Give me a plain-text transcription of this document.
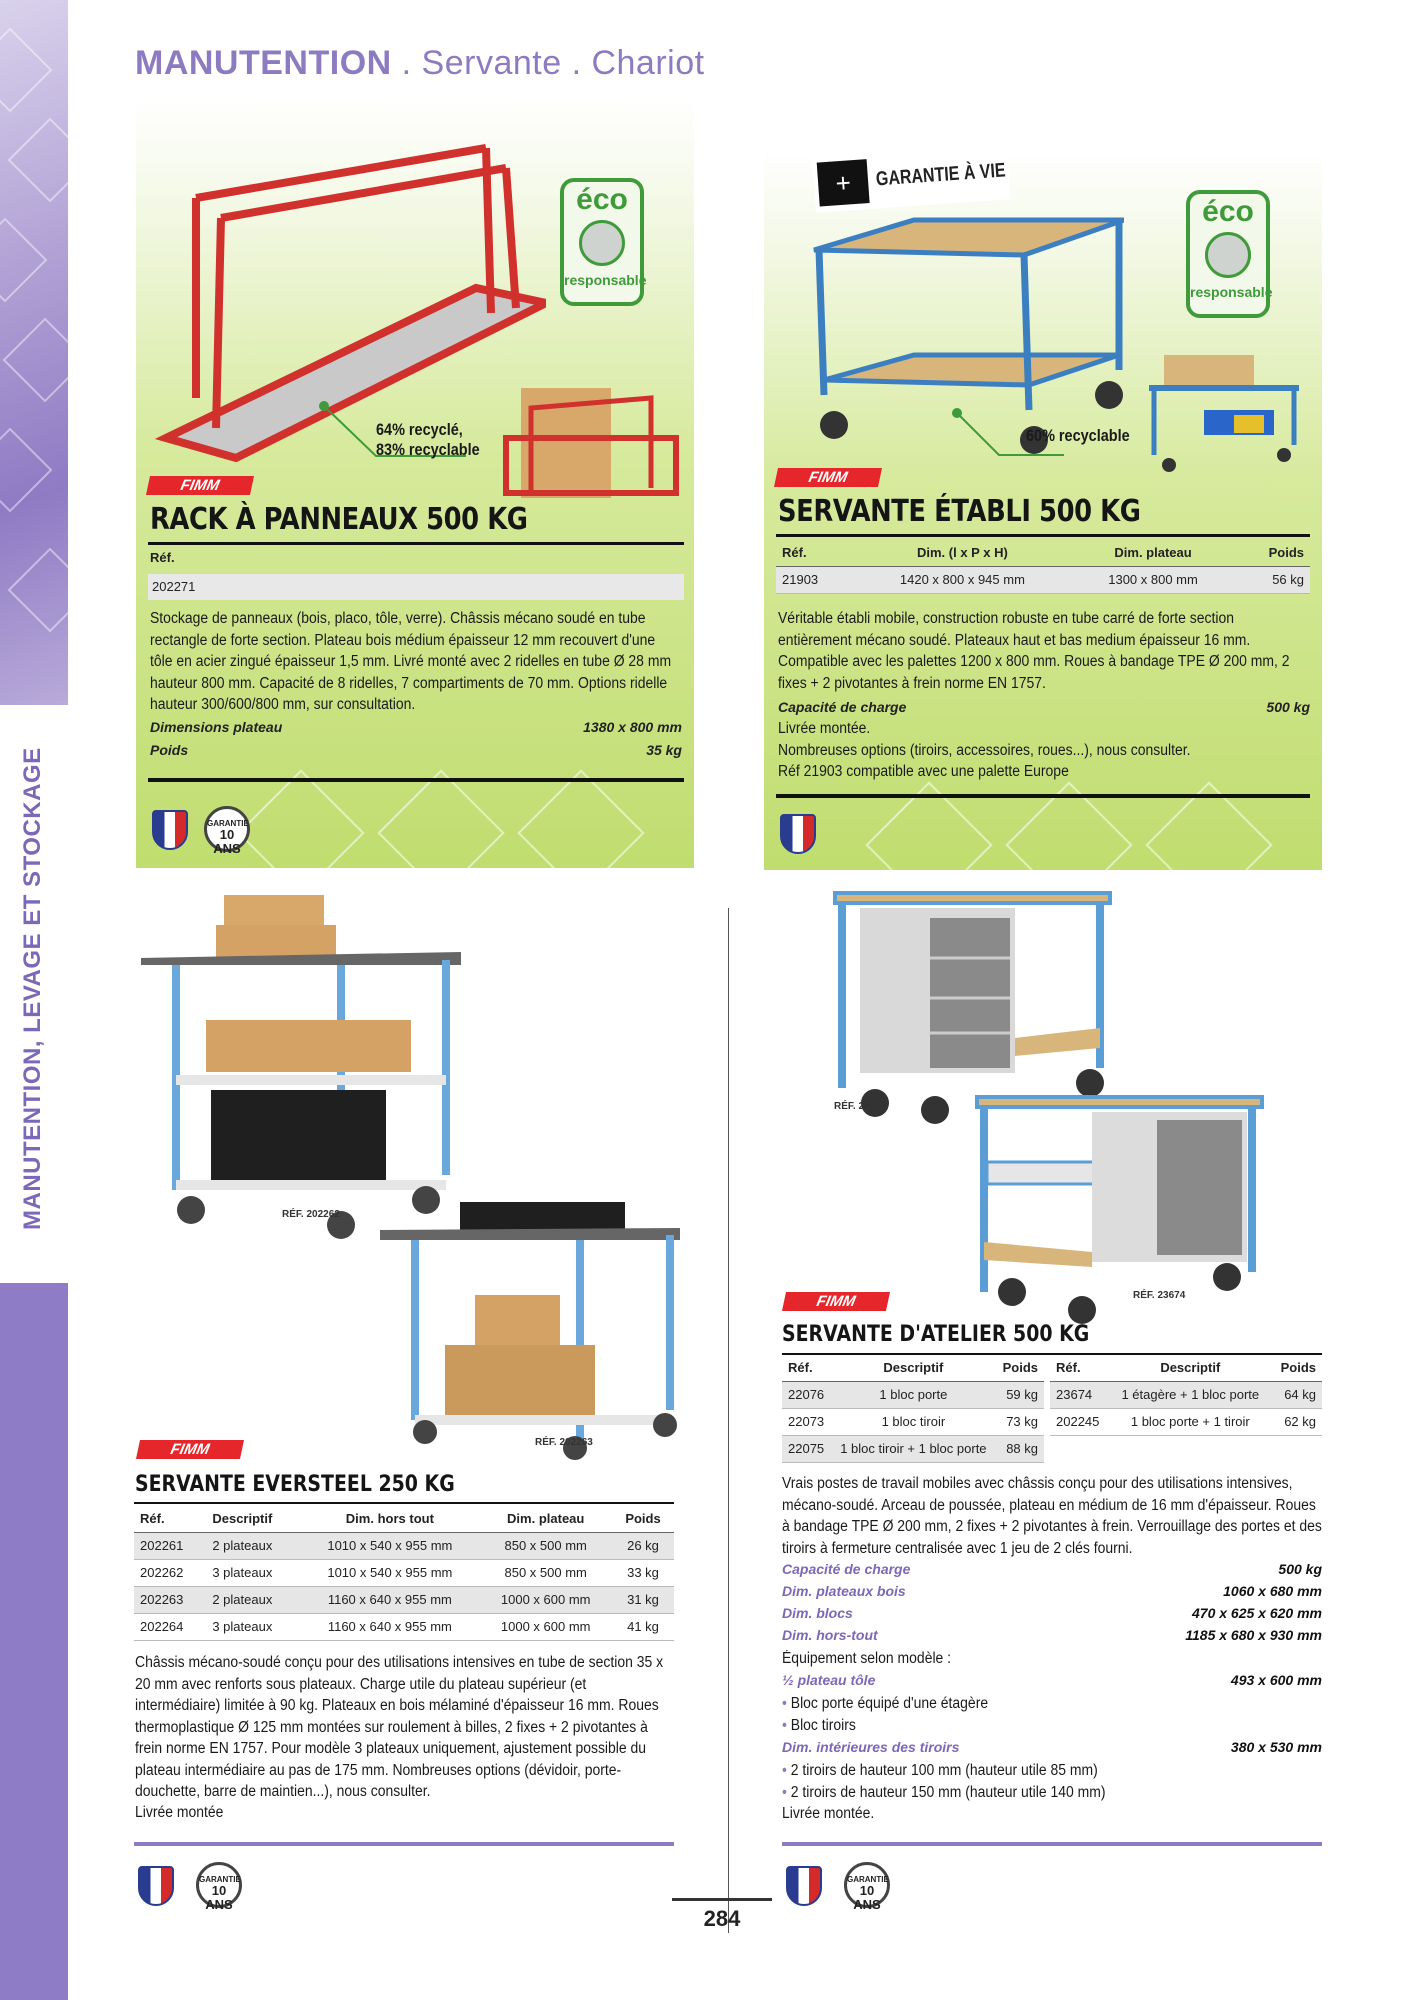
MANUTENTION, LEVAGE ET STOCKAGE
MANUTENTION . Servante . Chariot
éco
responsable
64% recyclé,
83% recyclable
FIMM
RACK À PANNEAUX 500 KG
Réf.
202271
Stockage de panneaux (bois, placo, tôle, verre). Châssis mécano soudé en tube rectangle de forte section. Plateau bois médium épaisseur 12 mm recouvert d'une tôle en acier zingué épaisseur 1,5 mm. Livré monté avec 2 ridelles en tube Ø 28 mm hauteur 800 mm. Capacité de 8 ridelles, 7 compartiments de 70 mm. Options ridelle hauteur 300/600/800 mm, sur consultation.
Dimensions plateau	1380 x 800 mm
Poids	35 kg
GARANTIE
10 ANS
+	GARANTIE À VIE
éco
responsable
60% recyclable
FIMM
SERVANTE ÉTABLI 500 KG
Réf.	Dim. (l x P x H)	Dim. plateau	Poids
21903	1420 x 800 x 945 mm	1300 x 800 mm	56 kg
Véritable établi mobile, construction robuste en tube carré de forte section entièrement mécano soudé. Plateaux haut et bas medium épaisseur 16 mm. Compatible avec les palettes 1200 x 800 mm. Roues à bandage TPE Ø 200 mm, 2 fixes + 2 pivotantes à frein norme EN 1757.
Capacité de charge	500 kg
Livrée montée.
Nombreuses options (tiroirs, accessoires, roues...), nous consulter.
Réf 21903 compatible avec une palette Europe
RÉF. 202262
RÉF. 202263
FIMM
SERVANTE EVERSTEEL 250 KG
Réf.	Descriptif	Dim. hors tout	Dim. plateau	Poids
202261	2 plateaux	1010 x 540 x 955 mm	850 x 500 mm	26 kg
202262	3 plateaux	1010 x 540 x 955 mm	850 x 500 mm	33 kg
202263	2 plateaux	1160 x 640 x 955 mm	1000 x 600 mm	31 kg
202264	3 plateaux	1160 x 640 x 955 mm	1000 x 600 mm	41 kg
Châssis mécano-soudé conçu pour des utilisations intensives en tube de section 35 x 20 mm avec renforts sous plateaux. Charge utile du plateau supérieur (et intermédiaire) limitée à 90 kg. Plateaux en bois mélaminé d'épaisseur 16 mm. Roues thermoplastique Ø 125 mm montées sur roulement à billes, 2 fixes + 2 pivotantes à frein norme EN 1757. Pour modèle 3 plateaux uniquement, ajustement possible du plateau intermédiaire au pas de 175 mm. Nombreuses options (dévidoir, porte-douchette, barre de maintien...), nous consulter.
Livrée montée
GARANTIE
10 ANS
RÉF. 22073
RÉF. 23674
FIMM
SERVANTE D'ATELIER 500 KG
Réf.	Descriptif	Poids
22076	1 bloc porte	59 kg
22073	1 bloc tiroir	73 kg
22075	1 bloc tiroir + 1 bloc porte	88 kg
Réf.	Descriptif	Poids
23674	1 étagère + 1 bloc porte	64 kg
202245	1 bloc porte + 1 tiroir	62 kg
Vrais postes de travail mobiles avec châssis conçu pour des utilisations intensives, mécano-soudé. Arceau de poussée, plateau en médium de 16 mm d'épaisseur. Roues à bandage TPE Ø 200 mm, 2 fixes + 2 pivotantes à frein. Verrouillage des portes et des tiroirs à fermeture centralisée avec 1 jeu de 2 clés fourni.
Capacité de charge	500 kg
Dim. plateaux bois	1060 x 680 mm
Dim. blocs	470 x 625 x 620 mm
Dim. hors-tout	1185 x 680 x 930 mm
Équipement selon modèle :
½ plateau tôle	493 x 600 mm
• Bloc porte équipé d'une étagère
• Bloc tiroirs
Dim. intérieures des tiroirs	380 x 530 mm
• 2 tiroirs de hauteur 100 mm (hauteur utile 85 mm)
• 2 tiroirs de hauteur 150 mm (hauteur utile 140 mm)
Livrée montée.
GARANTIE
10 ANS
284
